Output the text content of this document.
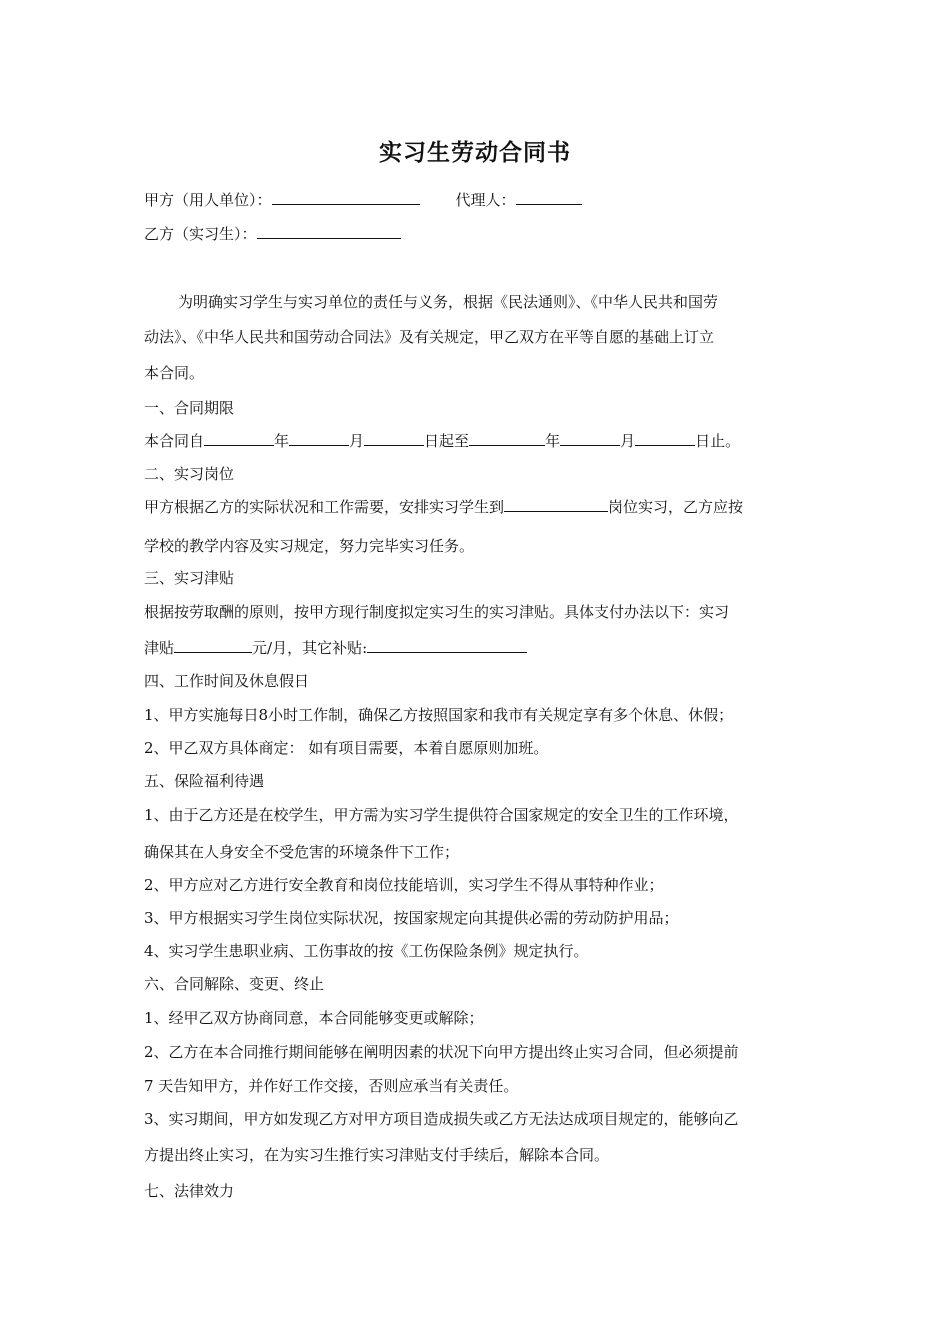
实习生劳动合同书
甲方（用人单位）：	代理人：
乙方（实习生）：
为明确实习学生与实习单位的责任与义务，根据《民法通则》、《中华人民共和国劳
动法》、《中华人民共和国劳动合同法》及有关规定，甲乙双方在平等自愿的基础上订立
本合同。
一、合同期限
本合同自	年	月	日起至	年	月	日止。
二、实习岗位
甲方根据乙方的实际状况和工作需要，安排实习学生到	岗位实习，乙方应按
学校的教学内容及实习规定，努力完毕实习任务。
三、实习津贴
根据按劳取酬的原则，按甲方现行制度拟定实习生的实习津贴。具体支付办法以下：实习
津贴	元/月，其它补贴:
四、工作时间及休息假日
1、甲方实施每日8小时工作制，确保乙方按照国家和我市有关规定享有多个休息、休假；
2、甲乙双方具体商定： 如有项目需要，本着自愿原则加班。
五、保险福利待遇
1、由于乙方还是在校学生，甲方需为实习学生提供符合国家规定的安全卫生的工作环境，
确保其在人身安全不受危害的环境条件下工作；
2、甲方应对乙方进行安全教育和岗位技能培训，实习学生不得从事特种作业；
3、甲方根据实习学生岗位实际状况，按国家规定向其提供必需的劳动防护用品；
4、实习学生患职业病、工伤事故的按《工伤保险条例》规定执行。
六、合同解除、变更、终止
1、经甲乙双方协商同意，本合同能够变更或解除；
2、乙方在本合同推行期间能够在阐明因素的状况下向甲方提出终止实习合同，但必须提前
7 天告知甲方，并作好工作交接，否则应承当有关责任。
3、实习期间，甲方如发现乙方对甲方项目造成损失或乙方无法达成项目规定的，能够向乙
方提出终止实习，在为实习生推行实习津贴支付手续后，解除本合同。
七、法律效力
